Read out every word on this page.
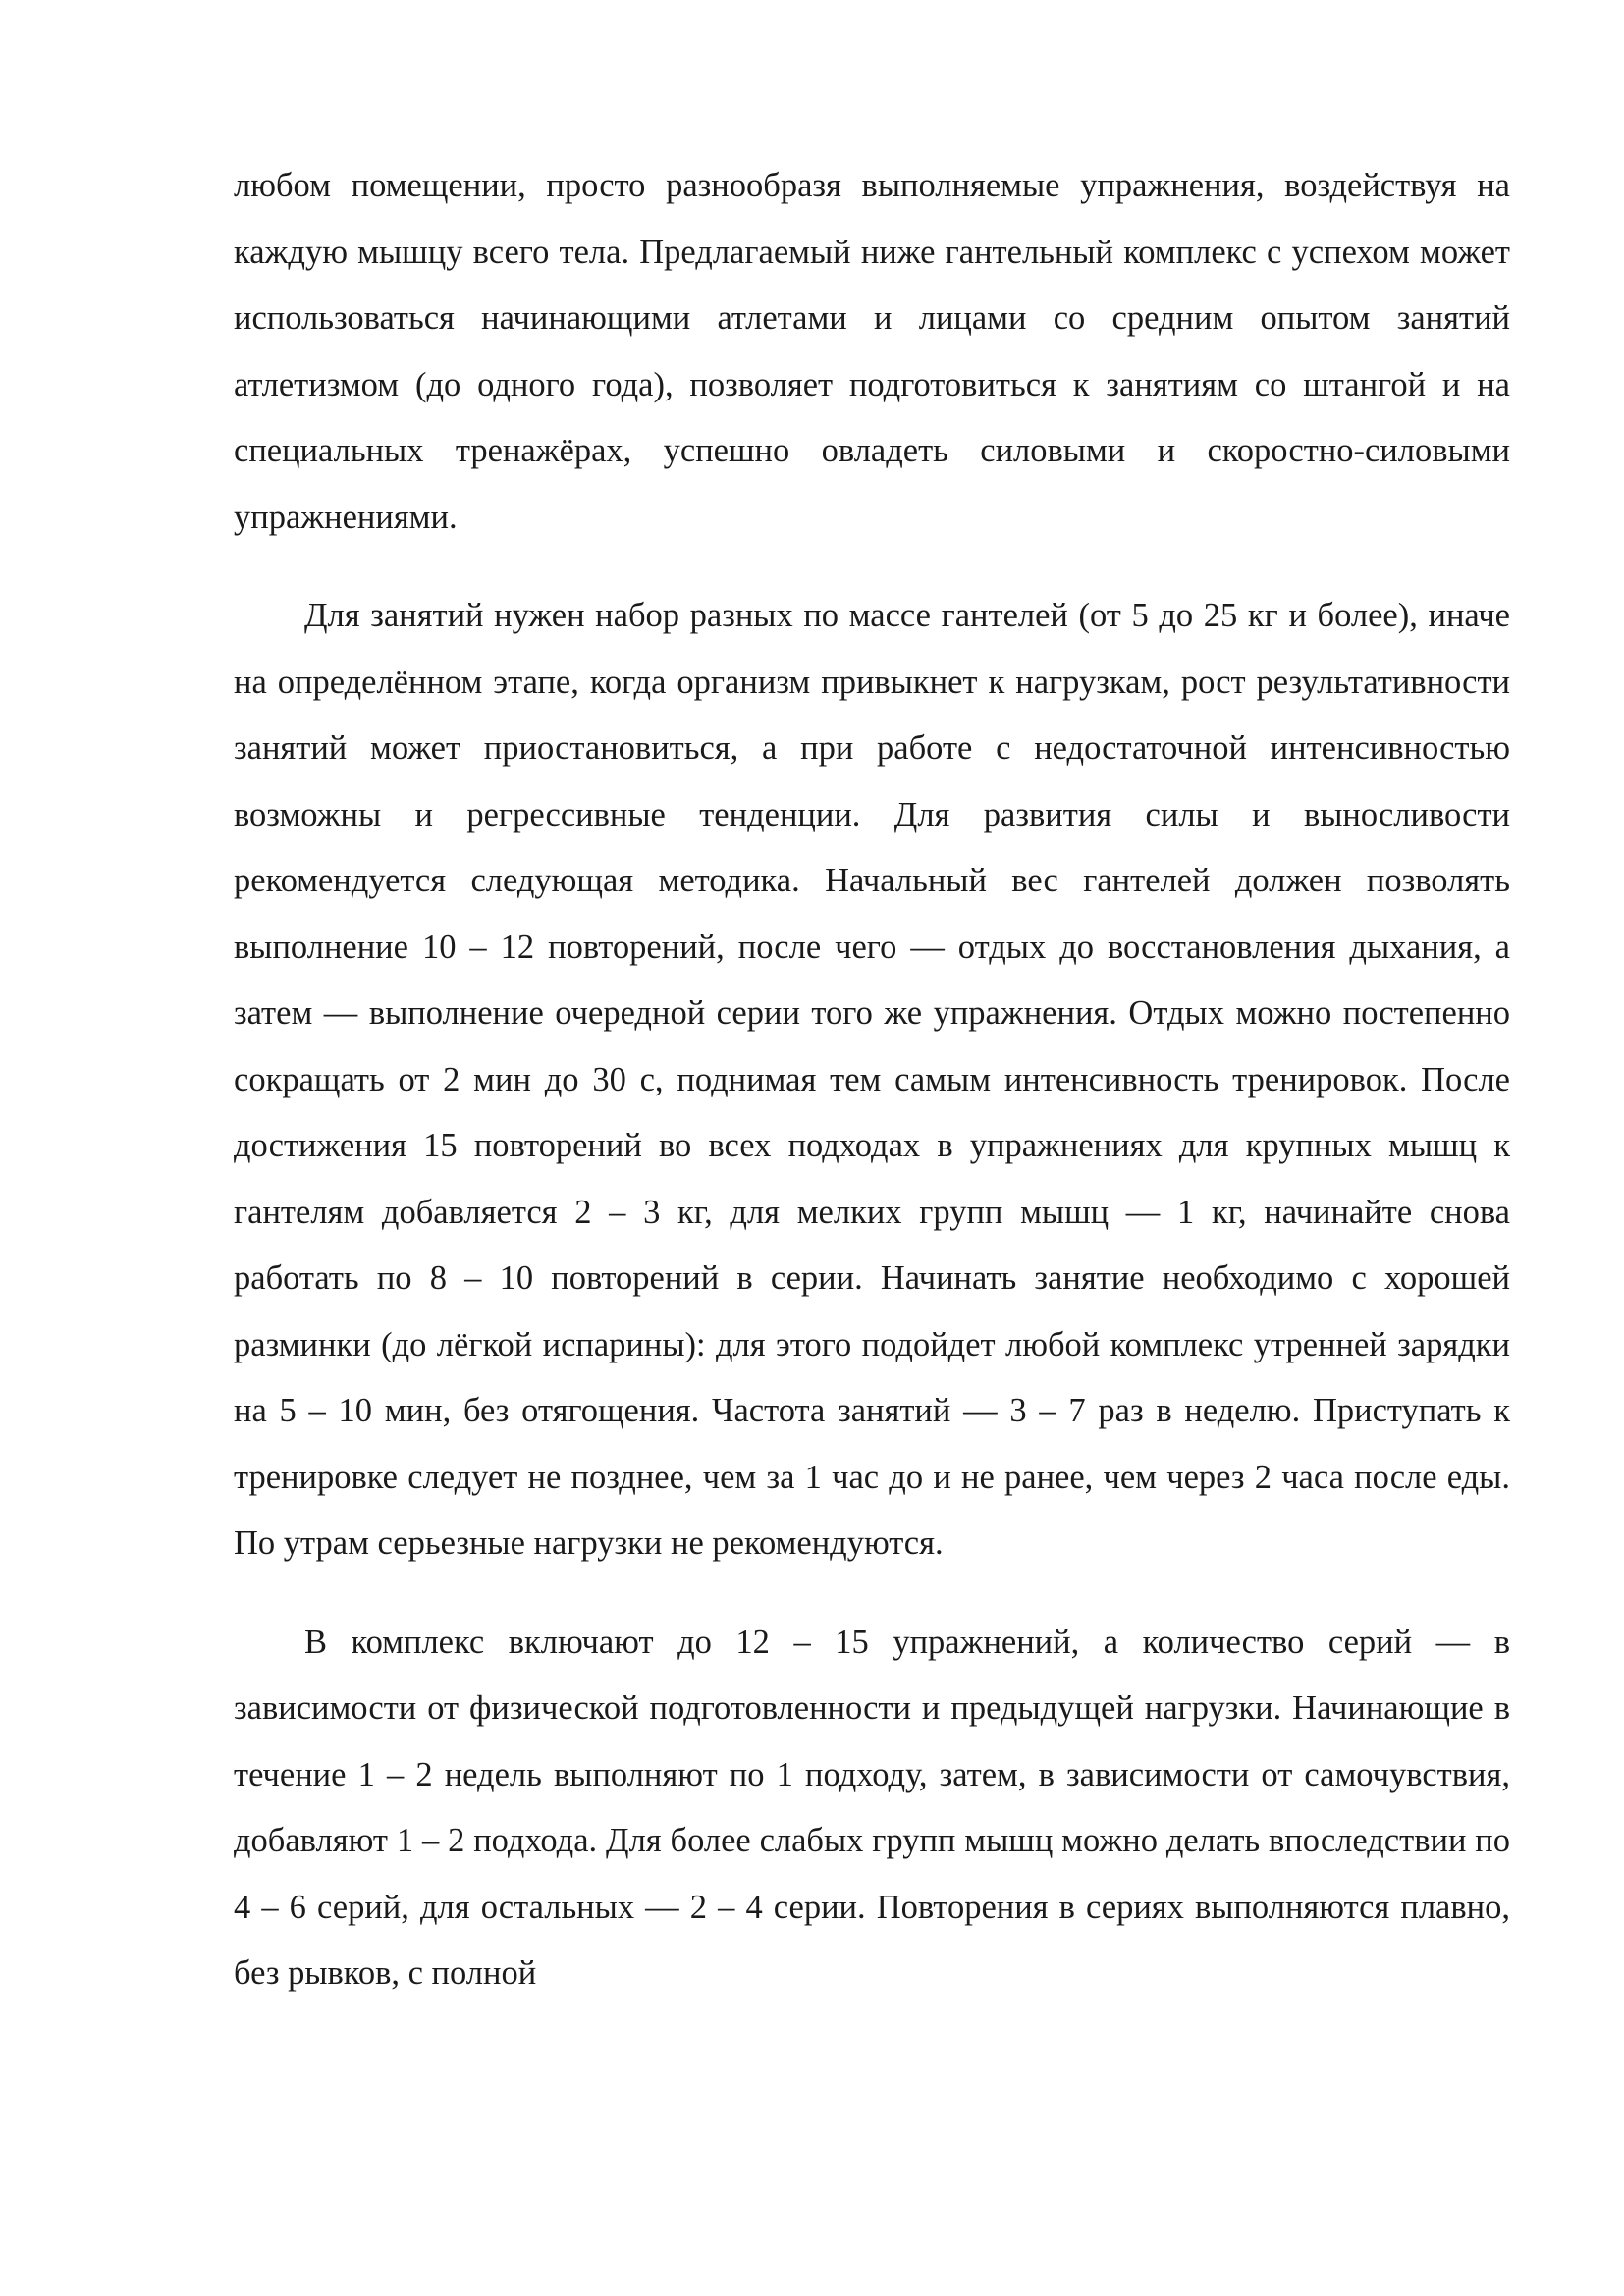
любом помещении, просто разнообразя выполняемые упражнения, воздействуя на каждую мышцу всего тела. Предлагаемый ниже гантельный комплекс с успехом может использоваться начинающими атлетами и лицами со средним опытом занятий атлетизмом (до одного года), позволяет подготовиться к занятиям со штангой и на специальных тренажёрах, успешно овладеть силовыми и скоростно-силовыми упражнениями.

Для занятий нужен набор разных по массе гантелей (от 5 до 25 кг и более), иначе на определённом этапе, когда организм привыкнет к нагрузкам, рост результативности занятий может приостановиться, а при работе с недостаточной интенсивностью возможны и регрессивные тенденции. Для развития силы и выносливости рекомендуется следующая методика. Начальный вес гантелей должен позволять выполнение 10 – 12 повторений, после чего — отдых до восстановления дыхания, а затем — выполнение очередной серии того же упражнения. Отдых можно постепенно сокращать от 2 мин до 30 с, поднимая тем самым интенсивность тренировок. После достижения 15 повторений во всех подходах в упражнениях для крупных мышц к гантелям добавляется 2 – 3 кг, для мелких групп мышц — 1 кг, начинайте снова работать по 8 – 10 повторений в серии. Начинать занятие необходимо с хорошей разминки (до лёгкой испарины): для этого подойдет любой комплекс утренней зарядки на 5 – 10 мин, без отягощения. Частота занятий — 3 – 7 раз в неделю. Приступать к тренировке следует не позднее, чем за 1 час до и не ранее, чем через 2 часа после еды. По утрам серьезные нагрузки не рекомендуются.

В комплекс включают до 12 – 15 упражнений, а количество серий — в зависимости от физической подготовленности и предыдущей нагрузки. Начинающие в течение 1 – 2 недель выполняют по 1 подходу, затем, в зависимости от самочувствия, добавляют 1 – 2 подхода. Для более слабых групп мышц можно делать впоследствии по 4 – 6 серий, для остальных — 2 – 4 серии. Повторения в сериях выполняются плавно, без рывков, с полной
